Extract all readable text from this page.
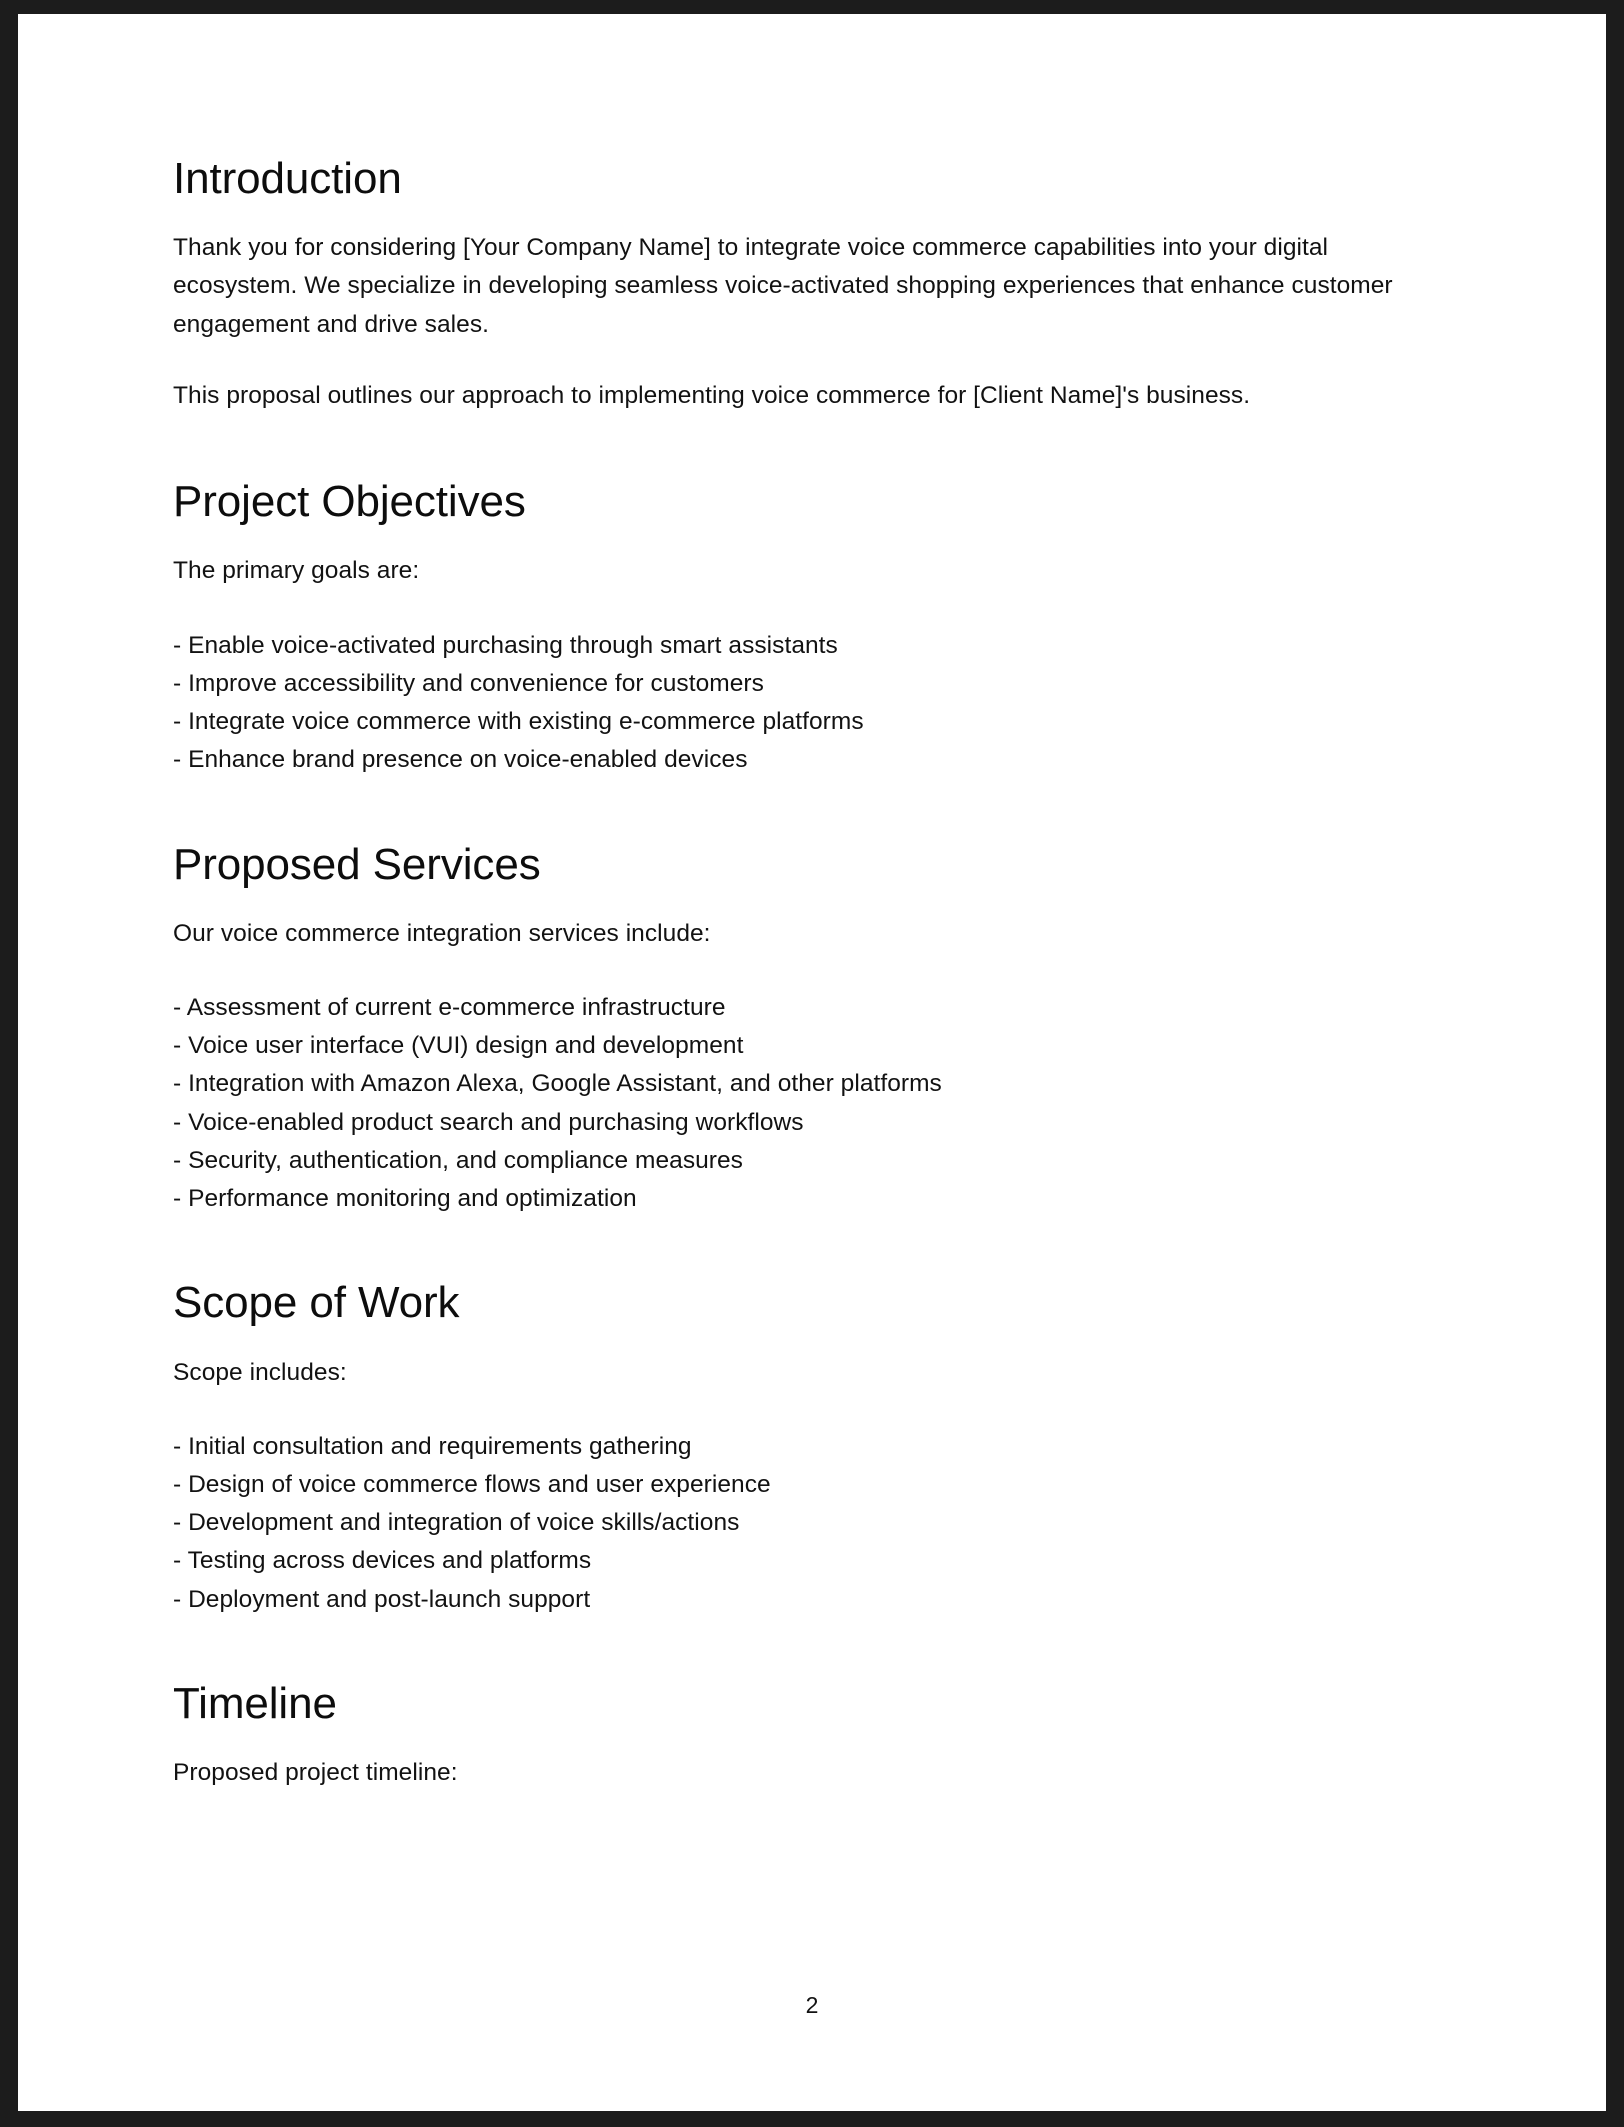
Introduction

Thank you for considering [Your Company Name] to integrate voice commerce capabilities into your digital ecosystem. We specialize in developing seamless voice-activated shopping experiences that enhance customer engagement and drive sales.

This proposal outlines our approach to implementing voice commerce for [Client Name]'s business.

Project Objectives

The primary goals are:

- Enable voice-activated purchasing through smart assistants
- Improve accessibility and convenience for customers
- Integrate voice commerce with existing e-commerce platforms
- Enhance brand presence on voice-enabled devices
Proposed Services

Our voice commerce integration services include:

- Assessment of current e-commerce infrastructure
- Voice user interface (VUI) design and development
- Integration with Amazon Alexa, Google Assistant, and other platforms
- Voice-enabled product search and purchasing workflows
- Security, authentication, and compliance measures
- Performance monitoring and optimization
Scope of Work

Scope includes:

- Initial consultation and requirements gathering
- Design of voice commerce flows and user experience
- Development and integration of voice skills/actions
- Testing across devices and platforms
- Deployment and post-launch support
Timeline

Proposed project timeline:

2
